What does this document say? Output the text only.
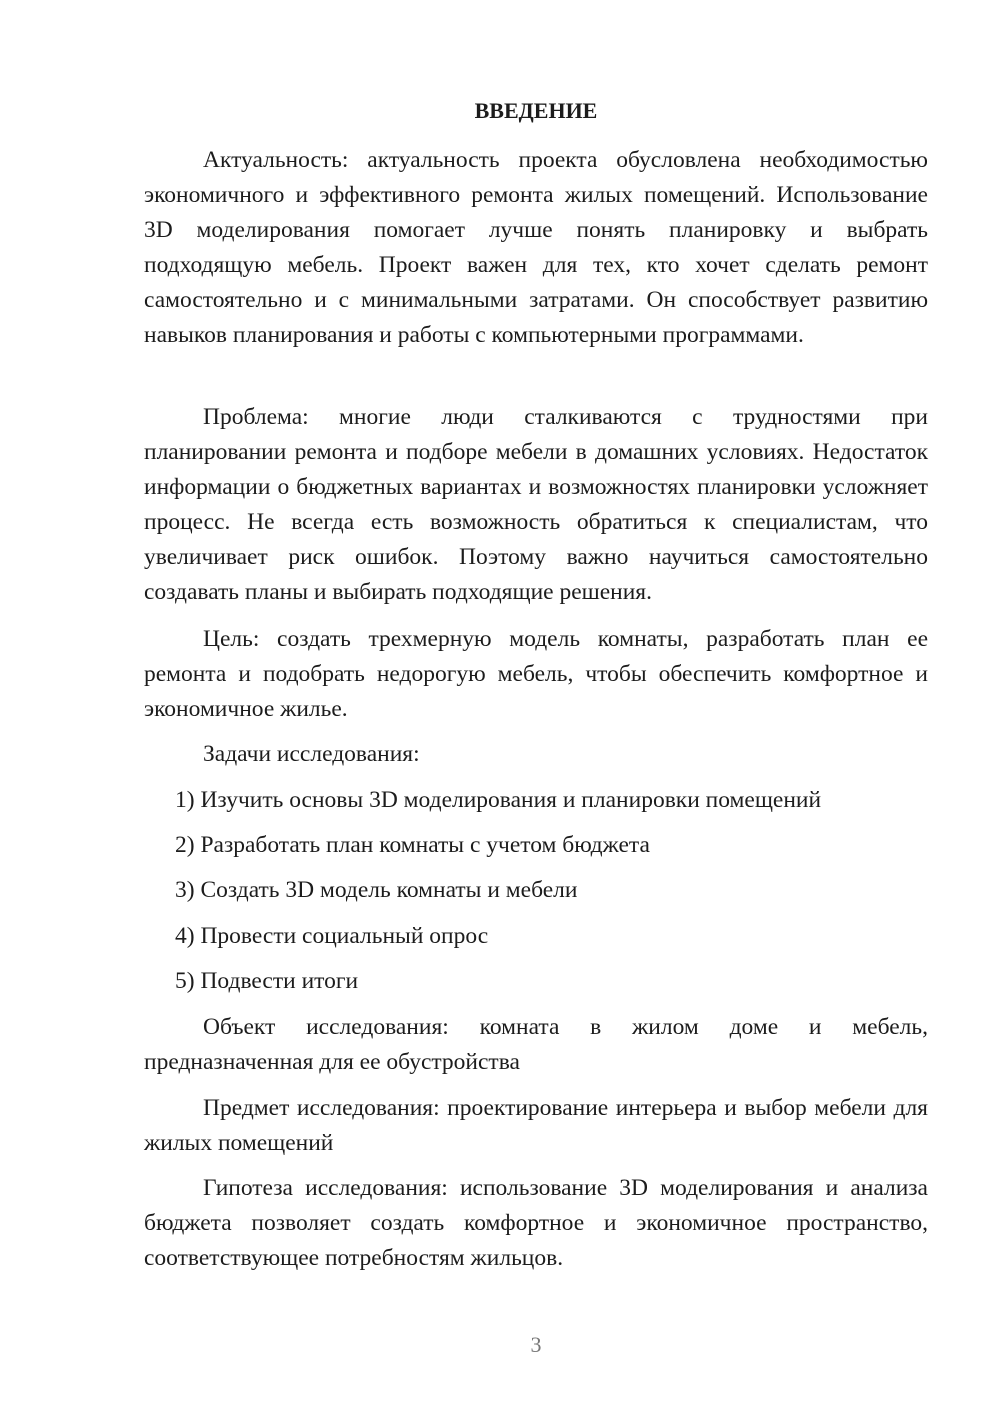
ВВЕДЕНИЕ

Актуальность: актуальность проекта обусловлена необходимостью экономичного и эффективного ремонта жилых помещений. Использование 3D моделирования помогает лучше понять планировку и выбрать подходящую мебель. Проект важен для тех, кто хочет сделать ремонт самостоятельно и с минимальными затратами. Он способствует развитию навыков планирования и работы с компьютерными программами.

Проблема: многие люди сталкиваются с трудностями при планировании ремонта и подборе мебели в домашних условиях. Недостаток информации о бюджетных вариантах и возможностях планировки усложняет процесс. Не всегда есть возможность обратиться к специалистам, что увеличивает риск ошибок. Поэтому важно научиться самостоятельно создавать планы и выбирать подходящие решения.

Цель: создать трехмерную модель комнаты, разработать план ее ремонта и подобрать недорогую мебель, чтобы обеспечить комфортное и экономичное жилье.

Задачи исследования:

1) Изучить основы 3D моделирования и планировки помещений

2) Разработать план комнаты с учетом бюджета

3) Создать 3D модель комнаты и мебели

4) Провести социальный опрос

5) Подвести итоги

Объект исследования: комната в жилом доме и мебель, предназначенная для ее обустройства

Предмет исследования: проектирование интерьера и выбор мебели для жилых помещений

Гипотеза исследования: использование 3D моделирования и анализа бюджета позволяет создать комфортное и экономичное пространство, соответствующее потребностям жильцов.

3
